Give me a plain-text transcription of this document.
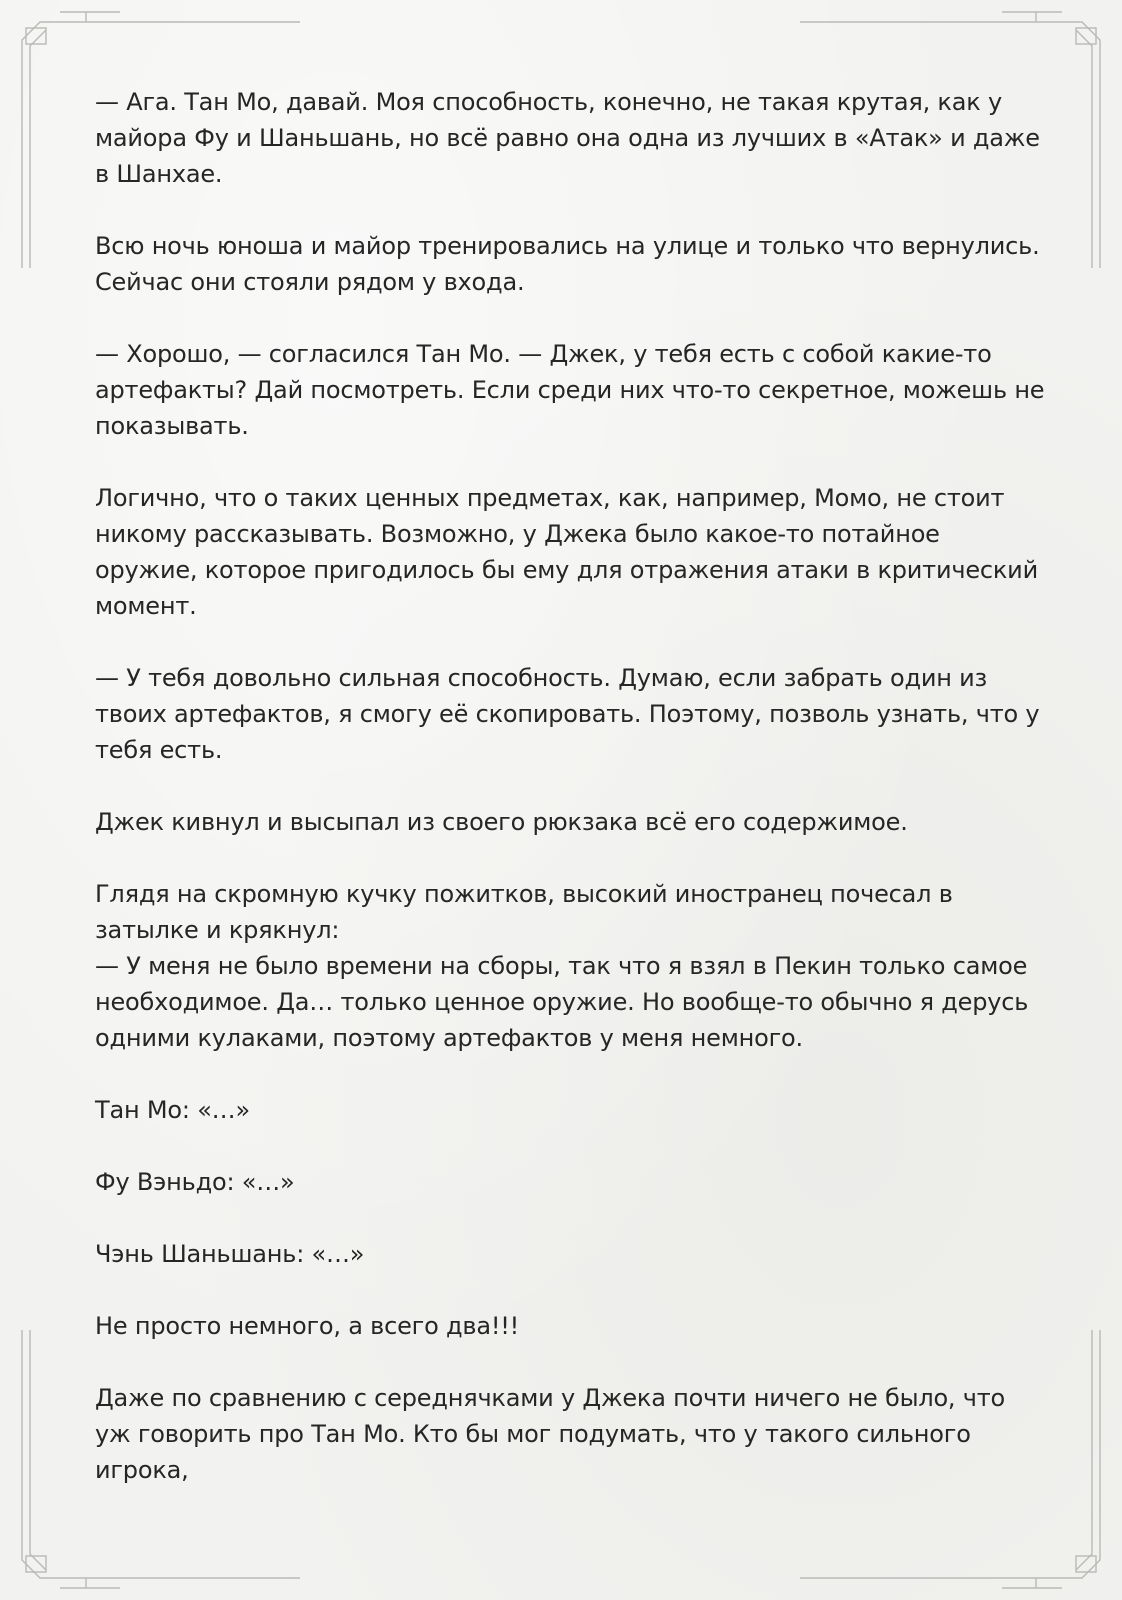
— Ага. Тан Мо, давай. Моя способность, конечно, не такая крутая, как у майора Фу и Шаньшань, но всё равно она одна из лучших в «Атак» и даже в Шанхае.

Всю ночь юноша и майор тренировались на улице и только что вернулись. Сейчас они стояли рядом у входа.

— Хорошо, — согласился Тан Мо. — Джек, у тебя есть с собой какие-то артефакты? Дай посмотреть. Если среди них что-то секретное, можешь не показывать.

Логично, что о таких ценных предметах, как, например, Момо, не стоит никому рассказывать. Возможно, у Джека было какое-то потайное оружие, которое пригодилось бы ему для отражения атаки в критический момент.

— У тебя довольно сильная способность. Думаю, если забрать один из твоих артефактов, я смогу её скопировать. Поэтому, позволь узнать, что у тебя есть.

Джек кивнул и высыпал из своего рюкзака всё его содержимое.

Глядя на скромную кучку пожитков, высокий иностранец почесал в затылке и крякнул:

— У меня не было времени на сборы, так что я взял в Пекин только самое необходимое. Да… только ценное оружие. Но вообще-то обычно я дерусь одними кулаками, поэтому артефактов у меня немного.

Тан Мо: «…»

Фу Вэньдо: «…»

Чэнь Шаньшань: «…»

Не просто немного, а всего два!!!

Даже по сравнению с середнячками у Джека почти ничего не было, что уж говорить про Тан Мо. Кто бы мог подумать, что у такого сильного игрока,
